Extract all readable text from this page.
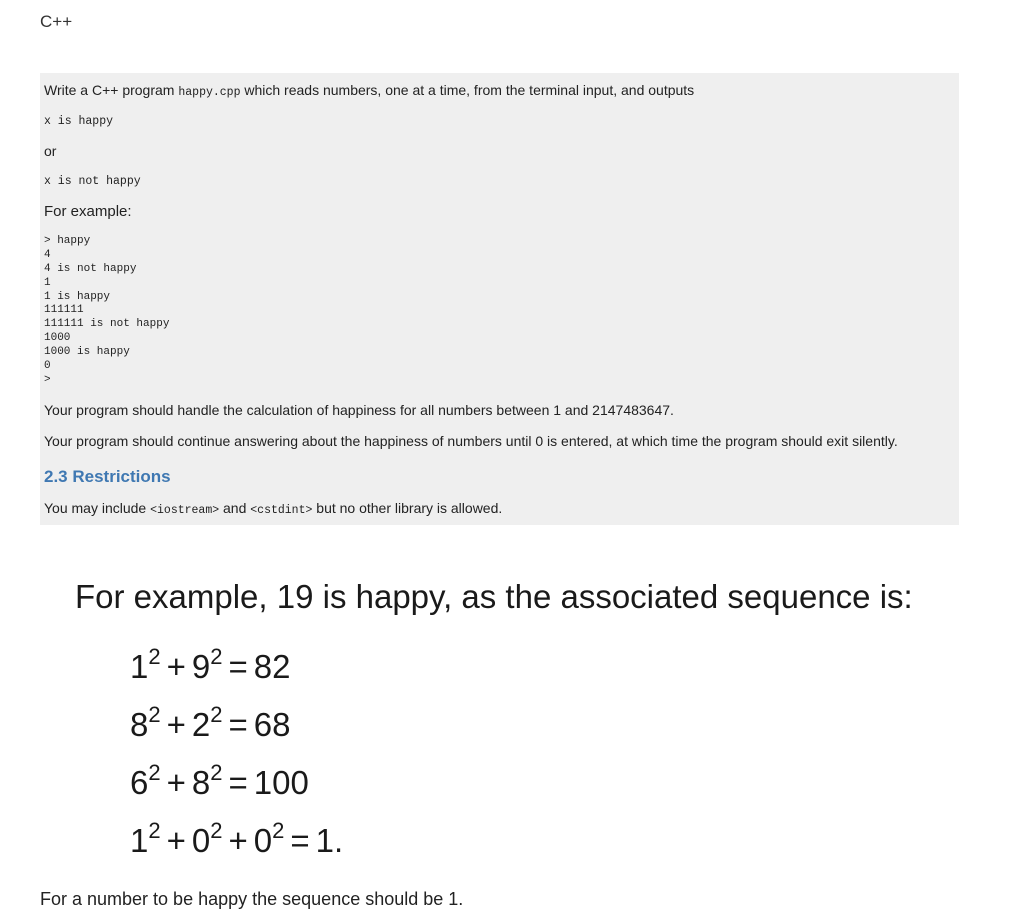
C++

Write a C++ program happy.cpp which reads numbers, one at a time, from the terminal input, and outputs

x is happy
or
x is not happy
For example:
> happy
4
4 is not happy
1
1 is happy
111111
111111 is not happy
1000
1000 is happy
0
>

Your program should handle the calculation of happiness for all numbers between 1 and 2147483647.

Your program should continue answering about the happiness of numbers until 0 is entered, at which time the program should exit silently.

2.3 Restrictions

You may include <iostream> and <cstdint> but no other library is allowed.

For example, 19 is happy, as the associated sequence is:
$1^2 + 9^2 = 82$
$8^2 + 2^2 = 68$
$6^2 + 8^2 = 100$
$1^2 + 0^2 + 0^2 = 1$.
For a number to be happy the sequence should be 1.
